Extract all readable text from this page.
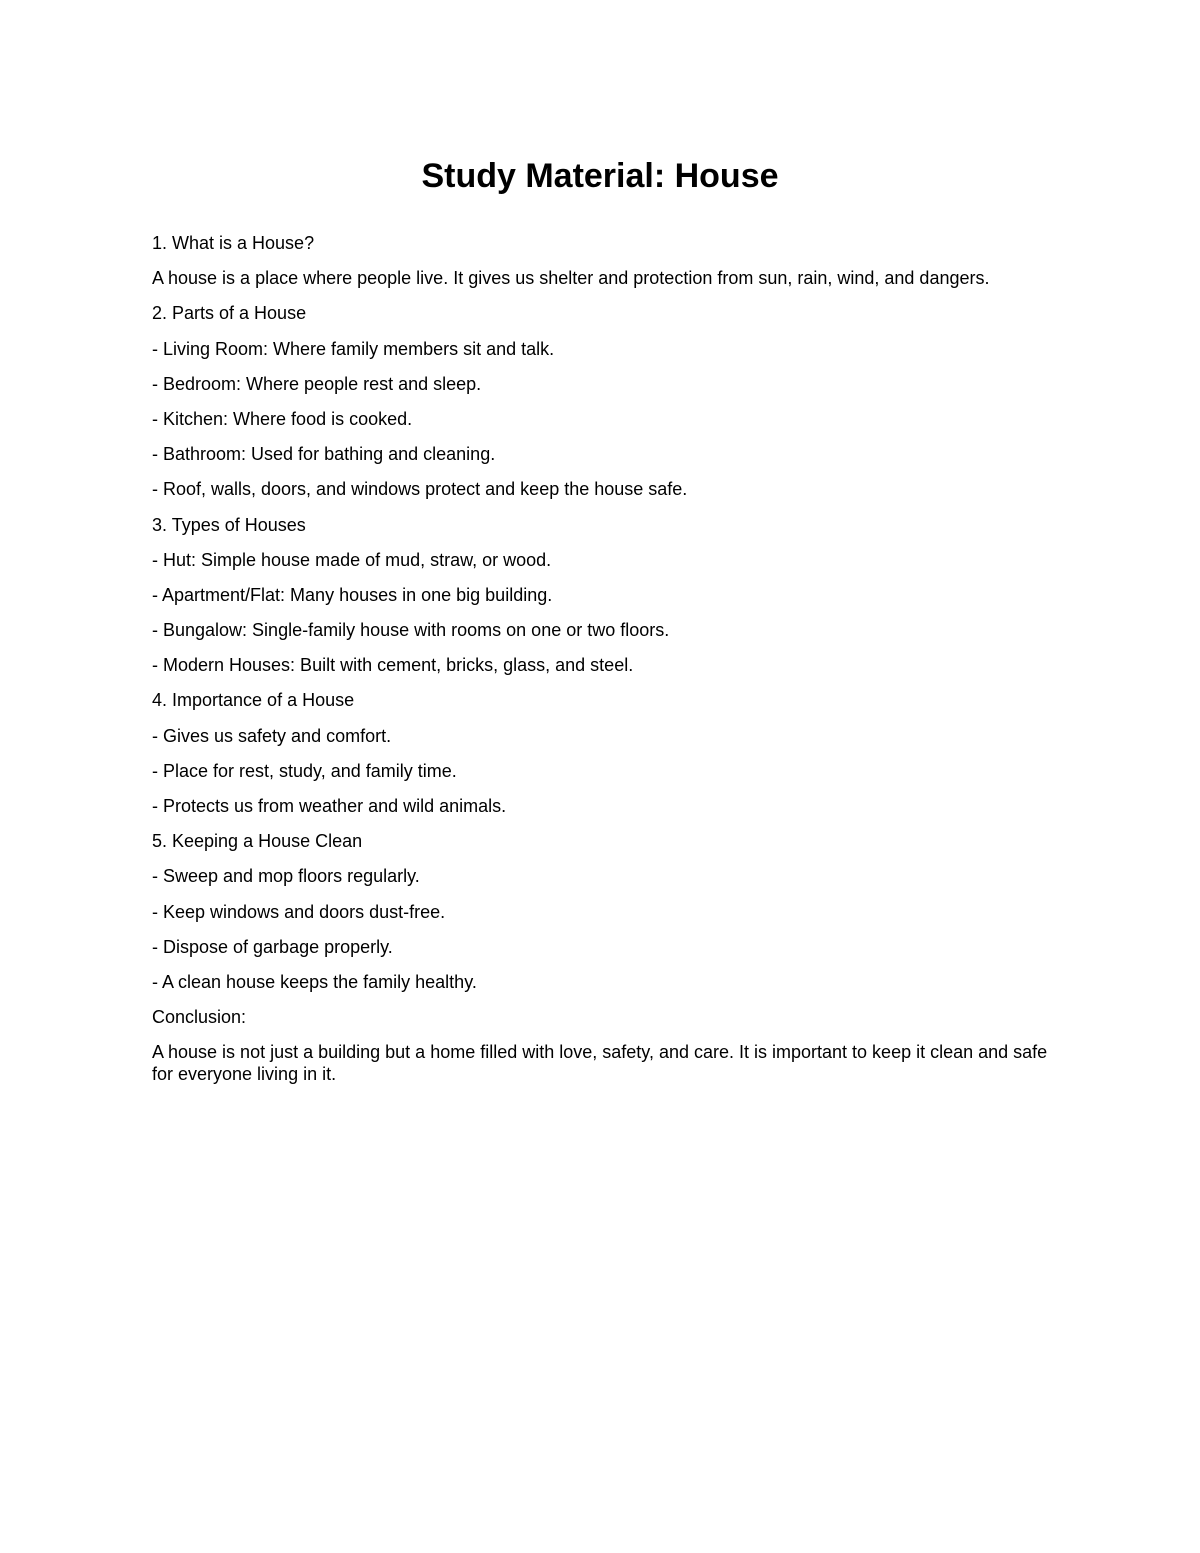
Study Material: House

1. What is a House?

A house is a place where people live. It gives us shelter and protection from sun, rain, wind, and dangers.

2. Parts of a House

- Living Room: Where family members sit and talk.

- Bedroom: Where people rest and sleep.

- Kitchen: Where food is cooked.

- Bathroom: Used for bathing and cleaning.

- Roof, walls, doors, and windows protect and keep the house safe.

3. Types of Houses

- Hut: Simple house made of mud, straw, or wood.

- Apartment/Flat: Many houses in one big building.

- Bungalow: Single-family house with rooms on one or two floors.

- Modern Houses: Built with cement, bricks, glass, and steel.

4. Importance of a House

- Gives us safety and comfort.

- Place for rest, study, and family time.

- Protects us from weather and wild animals.

5. Keeping a House Clean

- Sweep and mop floors regularly.

- Keep windows and doors dust-free.

- Dispose of garbage properly.

- A clean house keeps the family healthy.

Conclusion:

A house is not just a building but a home filled with love, safety, and care. It is important to keep it clean and safe for everyone living in it.
